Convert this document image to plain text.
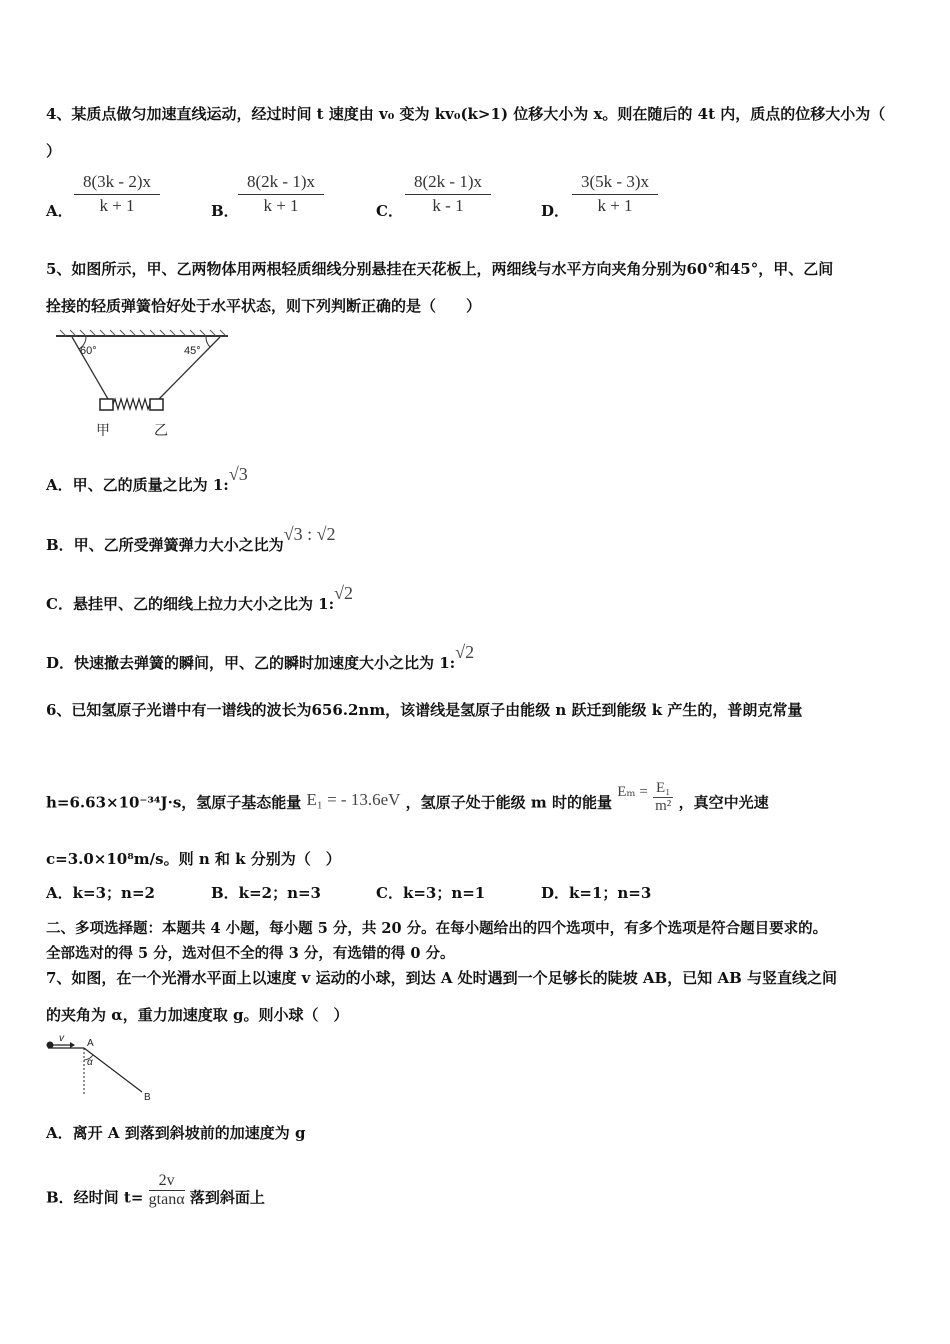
4、某质点做匀加速直线运动，经过时间 t 速度由 v₀ 变为 kv₀(k>1) 位移大小为 x。则在随后的 4t 内，质点的位移大小为（
）
A．
8(3k - 2)x
k + 1	B．
8(2k - 1)x
k + 1	C．
8(2k - 1)x
k - 1	D．
3(5k - 3)x
k + 1
5、如图所示，甲、乙两物体用两根轻质细线分别悬挂在天花板上，两细线与水平方向夹角分别为60°和45°，甲、乙间
拴接的轻质弹簧恰好处于水平状态，则下列判断正确的是（　　）
60°	45°
甲	乙
A．甲、乙的质量之比为 1:√3
B．甲、乙所受弹簧弹力大小之比为√3 : √2
C．悬挂甲、乙的细线上拉力大小之比为 1:√2
D．快速撤去弹簧的瞬间，甲、乙的瞬时加速度大小之比为 1:√2
6、已知氢原子光谱中有一谱线的波长为656.2nm，该谱线是氢原子由能级 n 跃迁到能级 k 产生的，普朗克常量
h=6.63×10⁻³⁴J·s，氢原子基态能量 E₁ = - 13.6eV ，氢原子处于能级 m 时的能量 $E_m = \frac{\text{E₁}}{\text{m²}}$ ，真空中光速
c=3.0×10⁸m/s。则 n 和 k 分别为（　）
A．k=3；n=2	B．k=2；n=3	C．k=3；n=1	D．k=1；n=3
二、多项选择题：本题共 4 小题，每小题 5 分，共 20 分。在每小题给出的四个选项中，有多个选项是符合题目要求的。
全部选对的得 5 分，选对但不全的得 3 分，有选错的得 0 分。
7、如图，在一个光滑水平面上以速度 v 运动的小球，到达 A 处时遇到一个足够长的陡坡 AB，已知 AB 与竖直线之间
的夹角为 α，重力加速度取 g。则小球（　）
v A
α
B
A．离开 A 到落到斜坡前的加速度为 g
B．经时间 $t= \frac{2v}{gtan\alpha}$ 落到斜面上
